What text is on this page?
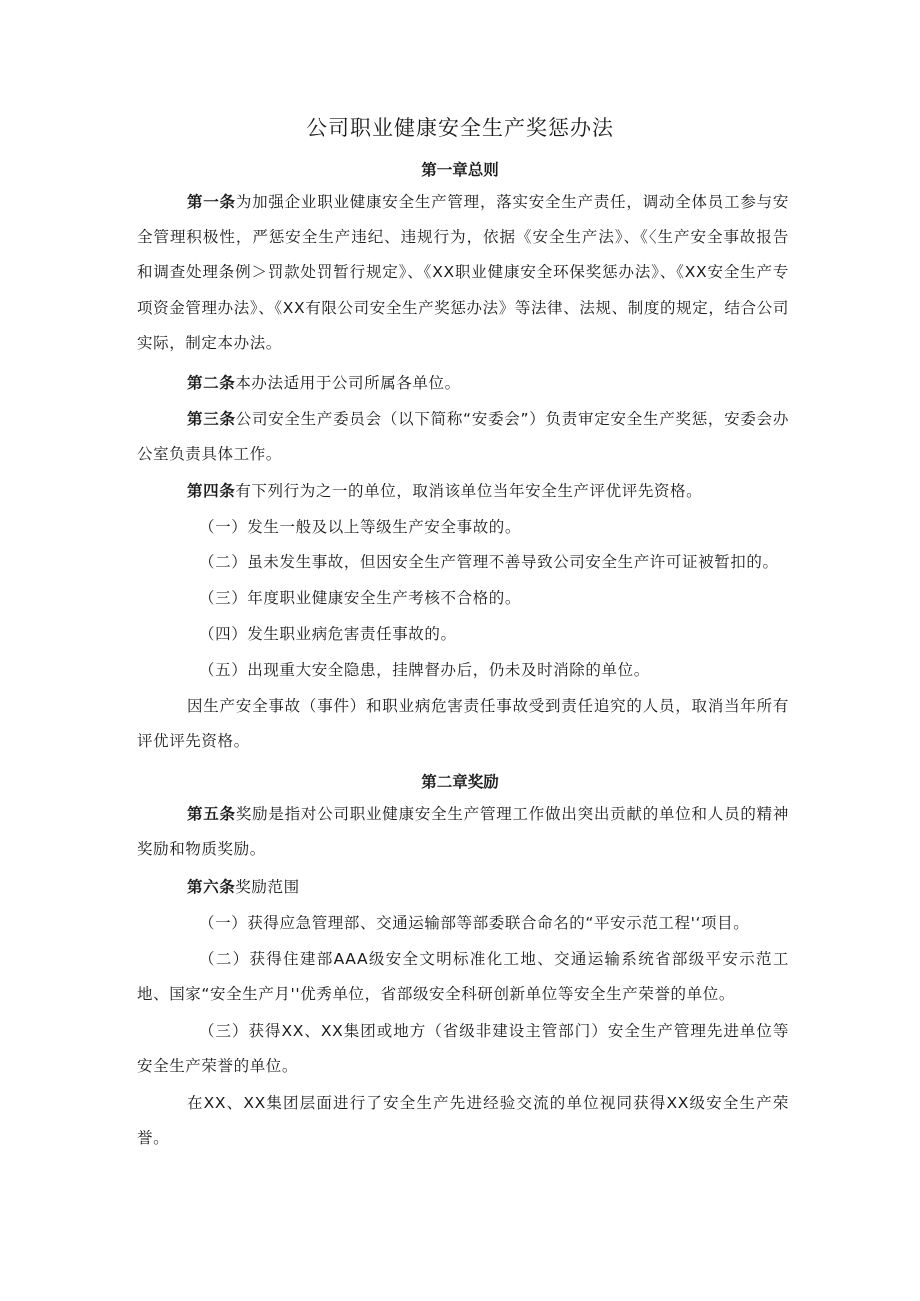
公司职业健康安全生产奖惩办法
第一章总则
第一条为加强企业职业健康安全生产管理，落实安全生产责任，调动全体员工参与安全管理积极性，严惩安全生产违纪、违规行为，依据《安全生产法》、《〈生产安全事故报告和调查处理条例＞罚款处罚暂行规定》、《XX职业健康安全环保奖惩办法》、《XX安全生产专项资金管理办法》、《XX有限公司安全生产奖惩办法》等法律、法规、制度的规定，结合公司实际，制定本办法。
第二条本办法适用于公司所属各单位。
第三条公司安全生产委员会（以下简称“安委会”）负责审定安全生产奖惩，安委会办公室负责具体工作。
第四条有下列行为之一的单位，取消该单位当年安全生产评优评先资格。
（一）发生一般及以上等级生产安全事故的。
（二）虽未发生事故，但因安全生产管理不善导致公司安全生产许可证被暂扣的。
（三）年度职业健康安全生产考核不合格的。
（四）发生职业病危害责任事故的。
（五）出现重大安全隐患，挂牌督办后，仍未及时消除的单位。
因生产安全事故（事件）和职业病危害责任事故受到责任追究的人员，取消当年所有评优评先资格。
第二章奖励
第五条奖励是指对公司职业健康安全生产管理工作做出突出贡献的单位和人员的精神奖励和物质奖励。
第六条奖励范围
（一）获得应急管理部、交通运输部等部委联合命名的“平安示范工程'‘项目。
（二）获得住建部AAA级安全文明标准化工地、交通运输系统省部级平安示范工地、国家“安全生产月''优秀单位，省部级安全科研创新单位等安全生产荣誉的单位。
（三）获得XX、XX集团或地方（省级非建设主管部门）安全生产管理先进单位等安全生产荣誉的单位。
在XX、XX集团层面进行了安全生产先进经验交流的单位视同获得XX级安全生产荣誉。
